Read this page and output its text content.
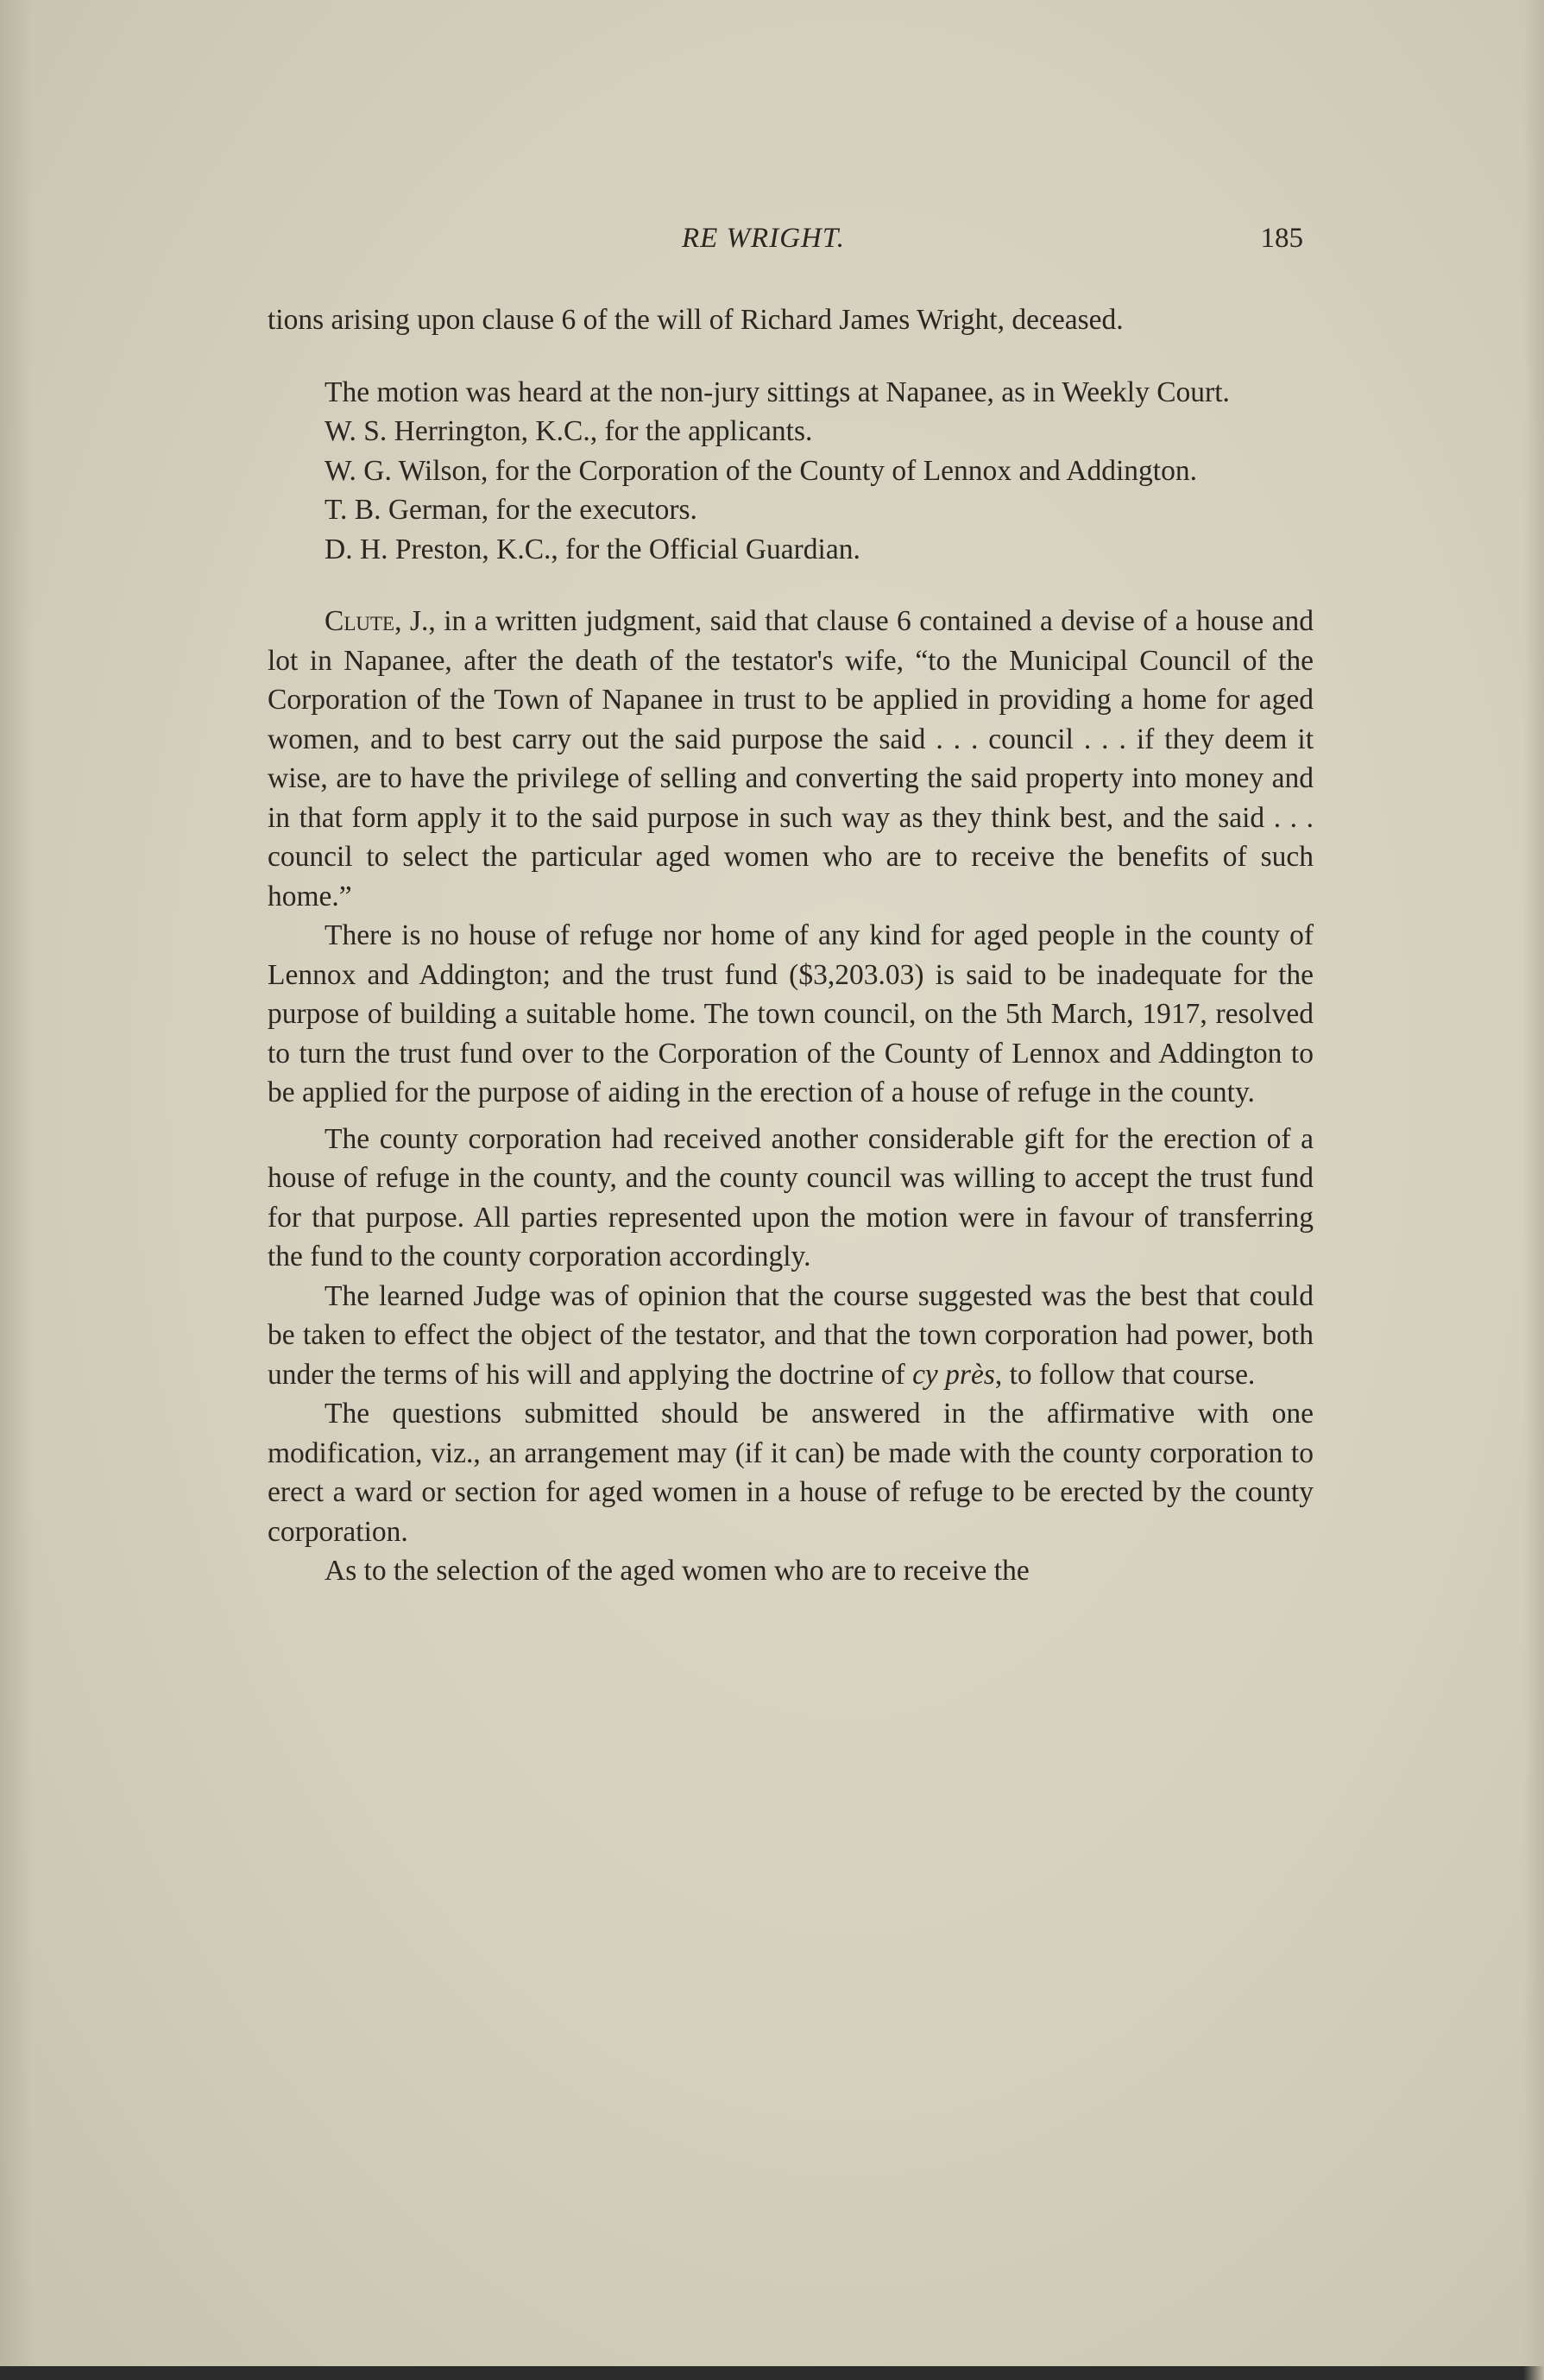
RE WRIGHT.	185

tions arising upon clause 6 of the will of Richard James Wright, deceased.

The motion was heard at the non-jury sittings at Napanee, as in Weekly Court.

W. S. Herrington, K.C., for the applicants.

W. G. Wilson, for the Corporation of the County of Lennox and Addington.

T. B. German, for the executors.

D. H. Preston, K.C., for the Official Guardian.

Clute, J., in a written judgment, said that clause 6 contained a devise of a house and lot in Napanee, after the death of the testator's wife, “to the Municipal Council of the Corporation of the Town of Napanee in trust to be applied in providing a home for aged women, and to best carry out the said purpose the said . . . council . . . if they deem it wise, are to have the privilege of selling and converting the said property into money and in that form apply it to the said purpose in such way as they think best, and the said . . . council to select the particular aged women who are to receive the benefits of such home.”

There is no house of refuge nor home of any kind for aged people in the county of Lennox and Addington; and the trust fund ($3,203.03) is said to be inadequate for the purpose of building a suitable home. The town council, on the 5th March, 1917, resolved to turn the trust fund over to the Corporation of the County of Lennox and Addington to be applied for the purpose of aiding in the erection of a house of refuge in the county.

The county corporation had received another considerable gift for the erection of a house of refuge in the county, and the county council was willing to accept the trust fund for that purpose. All parties represented upon the motion were in favour of transferring the fund to the county corporation accordingly.

The learned Judge was of opinion that the course suggested was the best that could be taken to effect the object of the testator, and that the town corporation had power, both under the terms of his will and applying the doctrine of cy près, to follow that course.

The questions submitted should be answered in the affirmative with one modification, viz., an arrangement may (if it can) be made with the county corporation to erect a ward or section for aged women in a house of refuge to be erected by the county corporation.

As to the selection of the aged women who are to receive the
